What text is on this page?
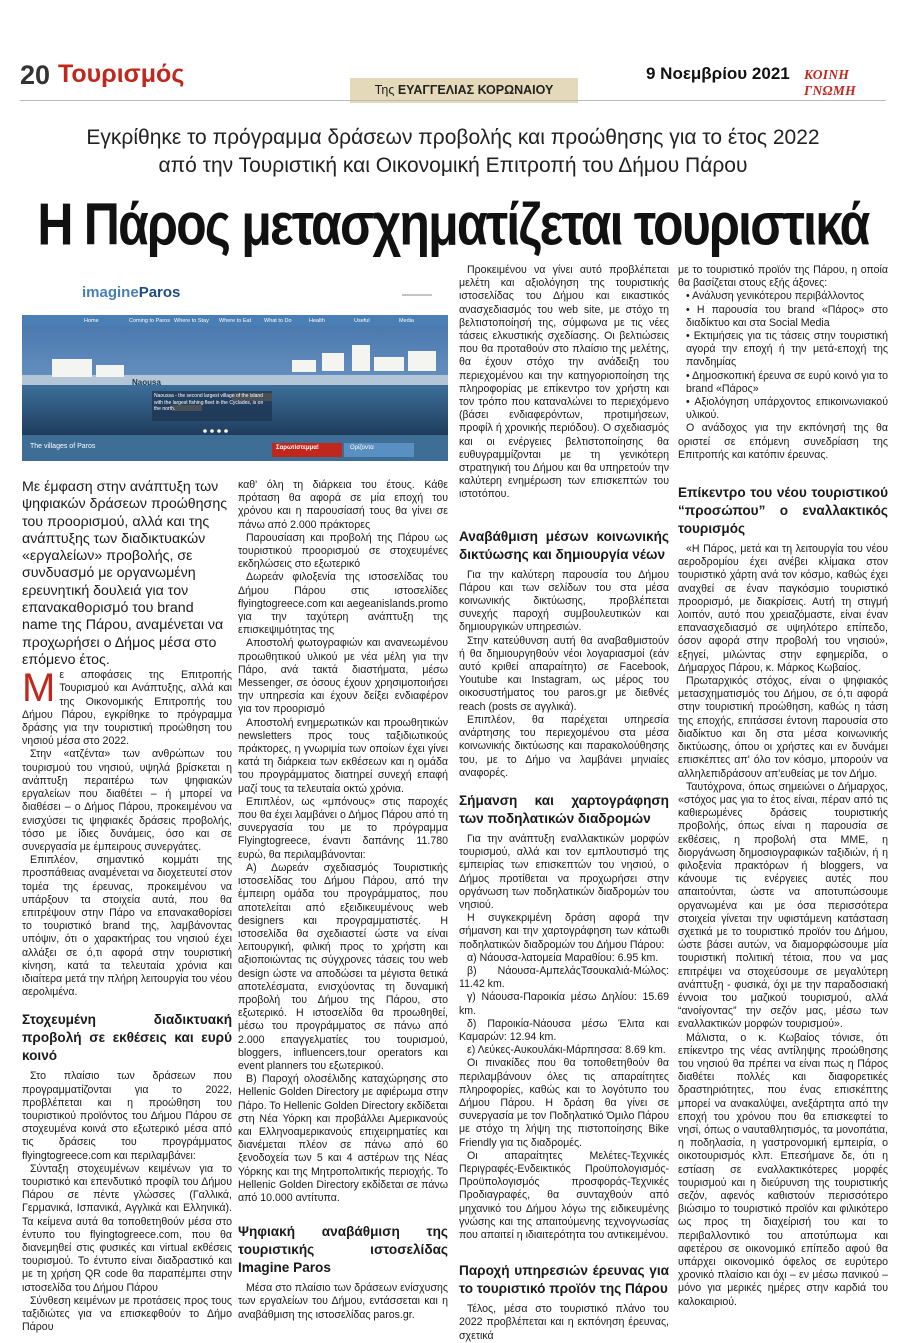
20 Τουρισμός
Της ΕΥΑΓΓΕΛΙΑΣ ΚΟΡΩΝΑΙΟΥ
9 Νοεμβρίου 2021 ΚΟΙΝΗ ΓΝΩΜΗ
Εγκρίθηκε το πρόγραμμα δράσεων προβολής και προώθησης για το έτος 2022
από την Τουριστική και Οικονομική Επιτροπή του Δήμου Πάρου
Η Πάρος μετασχηματίζεται τουριστικά
imagineParos
Home	Coming to Paros Where to Stay	Where to Eat	What to Do	Health	Useful	Media
Naousa
Naoussa - the second largest village of the island with the largest fishing fleet in the Cyclades, is on the north.
The villages of Paros	Σαρωτίστεμμα!	Ορίζοντα

Με έμφαση στην ανάπτυξη των ψηφιακών δράσεων προώθησης του προορισμού, αλλά και της ανάπτυξης των διαδικτυακών «εργαλείων» προβολής, σε συνδυασμό με οργανωμένη ερευνητική δουλειά για τον επανακαθορισμό του brand name της Πάρου, αναμένεται να προχωρήσει ο Δήμος μέσα στο επόμενο έτος.

Με αποφάσεις της Επιτροπής Τουρισμού και Ανάπτυξης, αλλά και της Οικονομικής Επιτροπής του Δήμου Πάρου, εγκρίθηκε το πρόγραμμα δράσης για την τουριστική προώθηση του νησιού μέσα στο 2022.

Στην «ατζέντα» των ανθρώπων του τουρισμού του νησιού, υψηλά βρίσκεται η ανάπτυξη περαιτέρω των ψηφιακών εργαλείων που διαθέτει – ή μπορεί να διαθέσει – ο Δήμος Πάρου, προκειμένου να ενισχύσει τις ψηφιακές δράσεις προβολής, τόσο με ίδιες δυνάμεις, όσο και σε συνεργασία με έμπειρους συνεργάτες.

Επιπλέον, σημαντικό κομμάτι της προσπάθειας αναμένεται να διοχετευτεί στον τομέα της έρευνας, προκειμένου να υπάρξουν τα στοιχεία αυτά, που θα επιτρέψουν στην Πάρο να επανακαθορίσει το τουριστικό brand της, λαμβάνοντας υπόψιν, ότι ο χαρακτήρας του νησιού έχει αλλάξει σε ό,τι αφορά στην τουριστική κίνηση, κατά τα τελευταία χρόνια και ιδιαίτερα μετά την πλήρη λειτουργία του νέου αερολιμένα.

Στοχευμένη διαδικτυακή προβολή σε εκθέσεις και ευρύ κοινό

Στο πλαίσιο των δράσεων που προγραμματίζονται για το 2022, προβλέπεται και η προώθηση του τουριστικού προϊόντος του Δήμου Πάρου σε στοχευμένα κοινά στο εξωτερικό μέσα από τις δράσεις του προγράμματος flyingtogreece.com και περιλαμβάνει:

Σύνταξη στοχευμένων κειμένων για το τουριστικό και επενδυτικό προφίλ του Δήμου Πάρου σε πέντε γλώσσες (Γαλλικά, Γερμανικά, Ισπανικά, Αγγλικά και Ελληνικά). Τα κείμενα αυτά θα τοποθετηθούν μέσα στο έντυπο του flyingtogreece.com, που θα διανεμηθεί στις φυσικές και virtual εκθέσεις τουρισμού. Το έντυπο είναι διαδραστικό και με τη χρήση QR code θα παραπέμπει στην ιστοσελίδα του Δήμου Πάρου

Σύνθεση κειμένων με προτάσεις προς τους ταξιδιώτες για να επισκεφθούν το Δήμο Πάρου

καθ' όλη τη διάρκεια του έτους. Κάθε πρόταση θα αφορά σε μία εποχή του χρόνου και η παρουσίασή τους θα γίνει σε πάνω από 2.000 πράκτορες

Παρουσίαση και προβολή της Πάρου ως τουριστικού προορισμού σε στοχευμένες εκδηλώσεις στο εξωτερικό

Δωρεάν φιλοξενία της ιστοσελίδας του Δήμου Πάρου στις ιστοσελίδες flyingtogreece.com και aegeanislands.promo για την ταχύτερη ανάπτυξη της επισκεψιμότητας της

Αποστολή φωτογραφιών και ανανεωμένου προωθητικού υλικού με νέα μέλη για την Πάρο, ανά τακτά διαστήματα, μέσω Messenger, σε όσους έχουν χρησιμοποιήσει την υπηρεσία και έχουν δείξει ενδιαφέρον για τον προορισμό

Αποστολή ενημερωτικών και προωθητικών newsletters προς τους ταξιδιωτικούς πράκτορες, η γνωριμία των οποίων έχει γίνει κατά τη διάρκεια των εκθέσεων και η ομάδα του προγράμματος διατηρεί συνεχή επαφή μαζί τους τα τελευταία οκτώ χρόνια.

Επιπλέον, ως «μπόνους» στις παροχές που θα έχει λαμβάνει ο Δήμος Πάρου από τη συνεργασία του με το πρόγραμμα Flyingtogreece, έναντι δαπάνης 11.780 ευρώ, θα περιλαμβάνονται:

Α) Δωρεάν σχεδιασμός Τουριστικής ιστοσελίδας του Δήμου Πάρου, από την έμπειρη ομάδα του προγράμματος, που αποτελείται από εξειδικευμένους web designers και προγραμματιστές. Η ιστοσελίδα θα σχεδιαστεί ώστε να είναι λειτουργική, φιλική προς το χρήστη και αξιοποιώντας τις σύγχρονες τάσεις του web design ώστε να αποδώσει τα μέγιστα θετικά αποτελέσματα, ενισχύοντας τη δυναμική προβολή του Δήμου της Πάρου, στο εξωτερικό. Η ιστοσελίδα θα προωθηθεί, μέσω του προγράμματος σε πάνω από 2.000 επαγγελματίες του τουρισμού, bloggers, influencers,tour operators και event planners του εξωτερικού.

Β) Παροχή ολοσέλιδης καταχώρησης στο Hellenic Golden Directory με αφιέρωμα στην Πάρο. Το Hellenic Golden Directory εκδίδεται στη Νέα Υόρκη και προβάλλει Αμερικανούς και Ελληνοαμερικανούς επιχειρηματίες και διανέμεται πλέον σε πάνω από 60 ξενοδοχεία των 5 και 4 αστέρων της Νέας Υόρκης και της Μητροπολιτικής περιοχής. Το Hellenic Golden Directory εκδίδεται σε πάνω από 10.000 αντίτυπα.

Ψηφιακή αναβάθμιση της τουριστικής ιστοσελίδας Imagine Paros

Μέσα στο πλαίσιο των δράσεων ενίσχυσης των εργαλείων του Δήμου, εντάσσεται και η αναβάθμιση της ιστοσελίδας paros.gr.

Προκειμένου να γίνει αυτό προβλέπεται μελέτη και αξιολόγηση της τουριστικής ιστοσελίδας του Δήμου και εικαστικός ανασχεδιασμός του web site, με στόχο τη βελτιστοποίησή της, σύμφωνα με τις νέες τάσεις ελκυστικής σχεδίασης. Οι βελτιώσεις που θα προταθούν στο πλαίσιο της μελέτης, θα έχουν στόχο την ανάδειξη του περιεχομένου και την κατηγοριοποίηση της πληροφορίας με επίκεντρο τον χρήστη και τον τρόπο που καταναλώνει το περιεχόμενο (βάσει ενδιαφερόντων, προτιμήσεων, προφίλ ή χρονικής περιόδου). Ο σχεδιασμός και οι ενέργειες βελτιστοποίησης θα ευθυγραμμίζονται με τη γενικότερη στρατηγική του Δήμου και θα υπηρετούν την καλύτερη ενημέρωση των επισκεπτών του ιστοτόπου.

Αναβάθμιση μέσων κοινωνικής δικτύωσης και δημιουργία νέων

Για την καλύτερη παρουσία του Δήμου Πάρου και των σελίδων του στα μέσα κοινωνικής δικτύωσης, προβλέπεται συνεχής παροχή συμβουλευτικών και δημιουργικών υπηρεσιών.

Στην κατεύθυνση αυτή θα αναβαθμιστούν ή θα δημιουργηθούν νέοι λογαριασμοί (εάν αυτό κριθεί απαραίτητο) σε Facebook, Youtube και Instagram, ως μέρος του οικοσυστήματος του paros.gr με διεθνές reach (posts σε αγγλικά).

Επιπλέον, θα παρέχεται υπηρεσία ανάρτησης του περιεχομένου στα μέσα κοινωνικής δικτύωσης και παρακολούθησης του, με το Δήμο να λαμβάνει μηνιαίες αναφορές.

Σήμανση και χαρτογράφηση των ποδηλατικών διαδρομών

Για την ανάπτυξη εναλλακτικών μορφών τουρισμού, αλλά και τον εμπλουτισμό της εμπειρίας των επισκεπτών του νησιού, ο Δήμος προτίθεται να προχωρήσει στην οργάνωση των ποδηλατικών διαδρομών του νησιού.

Η συγκεκριμένη δράση αφορά την σήμανση και την χαρτογράφηση των κάτωθι ποδηλατικών διαδρομών του Δήμου Πάρου:

α) Νάουσα-λατομεία Μαραθίου: 6.95 km.

β) Νάουσα-ΑμπελάςΤσουκαλιά-Μώλος: 11.42 km.

γ) Νάουσα-Παροικία μέσω Δηλίου: 15.69 km.

δ) Παροικία-Νάουσα μέσω Έλιτα και Καμαρών: 12.94 km.

ε) Λεύκες-Αυκουλάκι-Μάρπησσα: 8.69 km.

Οι πινακίδες που θα τοποθετηθούν θα περιλαμβάνουν όλες τις απαραίτητες πληροφορίες, καθώς και το λογότυπο του Δήμου Πάρου. Η δράση θα γίνει σε συνεργασία με τον Ποδηλατικό Όμιλο Πάρου με στόχο τη λήψη της πιστοποίησης Bike Friendly για τις διαδρομές.

Οι απαραίτητες Μελέτες-Τεχνικές Περιγραφές-Ενδεικτικός Προϋπολογισμός- Προϋπολογισμός προσφοράς-Τεχνικές Προδιαγραφές, θα συνταχθούν από μηχανικό του Δήμου λόγω της ειδικευμένης γνώσης και της απαιτούμενης τεχνογνωσίας που απαιτεί η ιδιαιτερότητα του αντικειμένου.

Παροχή υπηρεσιών έρευνας για το τουριστικό προϊόν της Πάρου

Τέλος, μέσα στο τουριστικό πλάνο του 2022 προβλέπεται και η εκπόνηση έρευνας, σχετικά

με το τουριστικό προϊόν της Πάρου, η οποία θα βασίζεται στους εξής άξονες:

• Ανάλυση γενικότερου περιβάλλοντος

• Η παρουσία του brand «Πάρος» στο διαδίκτυο και στα Social Media

• Εκτιμήσεις για τις τάσεις στην τουριστική αγορά την εποχή ή την μετά-εποχή της πανδημίας

• Δημοσκοπική έρευνα σε ευρύ κοινό για το brand «Πάρος»

• Αξιολόγηση υπάρχοντος επικοινωνιακού υλικού.

Ο ανάδοχος για την εκπόνησή της θα οριστεί σε επόμενη συνεδρίαση της Επιτροπής και κατόπιν έρευνας.

Επίκεντρο του νέου τουριστικού “προσώπου” ο εναλλακτικός τουρισμός

«Η Πάρος, μετά και τη λειτουργία του νέου αεροδρομίου έχει ανέβει κλίμακα στον τουριστικό χάρτη ανά τον κόσμο, καθώς έχει αναχθεί σε έναν παγκόσμιο τουριστικό προορισμό, με διακρίσεις. Αυτή τη στιγμή λοιπόν, αυτό που χρειαζόμαστε, είναι έναν επανασχεδιασμό σε υψηλότερο επίπεδο, όσον αφορά στην προβολή του νησιού», εξηγεί, μιλώντας στην εφημερίδα, ο Δήμαρχος Πάρου, κ. Μάρκος Κωβαίος.

Πρωταρχικός στόχος, είναι ο ψηφιακός μετασχηματισμός του Δήμου, σε ό,τι αφορά στην τουριστική προώθηση, καθώς η τάση της εποχής, επιτάσσει έντονη παρουσία στο διαδίκτυο και δη στα μέσα κοινωνικής δικτύωσης, όπου οι χρήστες και εν δυνάμει επισκέπτες απ' όλο τον κόσμο, μπορούν να αλληλεπιδράσουν απ'ευθείας με τον Δήμο.

Ταυτόχρονα, όπως σημειώνει ο Δήμαρχος, «στόχος μας για το έτος είναι, πέραν από τις καθιερωμένες δράσεις τουριστικής προβολής, όπως είναι η παρουσία σε εκθέσεις, η προβολή στα ΜΜΕ, η διοργάνωση δημοσιογραφικών ταξιδιών, ή η φιλοξενία πρακτόρων ή bloggers, να κάνουμε τις ενέργειες αυτές που απαιτούνται, ώστε να αποτυπώσουμε οργανωμένα και με όσα περισσότερα στοιχεία γίνεται την υφιστάμενη κατάσταση σχετικά με το τουριστικό προϊόν του Δήμου, ώστε βάσει αυτών, να διαμορφώσουμε μία τουριστική πολιτική τέτοια, που να μας επιτρέψει να στοχεύσουμε σε μεγαλύτερη ανάπτυξη - φυσικά, όχι με την παραδοσιακή έννοια του μαζικού τουρισμού, αλλά “ανοίγοντας” την σεζόν μας, μέσω των εναλλακτικών μορφών τουρισμού».

Μάλιστα, ο κ. Κωβαίος τόνισε, ότι επίκεντρο της νέας αντίληψης προώθησης του νησιού θα πρέπει να είναι πως η Πάρος διαθέτει πολλές και διαφορετικές δραστηριότητες, που ένας επισκέπτης μπορεί να ανακαλύψει, ανεξάρτητα από την εποχή του χρόνου που θα επισκεφτεί το νησί, όπως ο ναυταθλητισμός, τα μονοπάτια, η ποδηλασία, η γαστρονομική εμπειρία, ο οικοτουρισμός κλπ. Επεσήμανε δε, ότι η εστίαση σε εναλλακτικότερες μορφές τουρισμού και η διεύρυνση της τουριστικής σεζόν, αφενός καθιστούν περισσότερο βιώσιμο το τουριστικό προϊόν και φιλικότερο ως προς τη διαχείρισή του και το περιβαλλοντικό του αποτύπωμα και αφετέρου σε οικονομικό επίπεδο αφού θα υπάρχει οικονομικό όφελος σε ευρύτερο χρονικό πλαίσιο και όχι – εν μέσω πανικού – μόνο για μερικές ημέρες στην καρδιά του καλοκαιριού.
